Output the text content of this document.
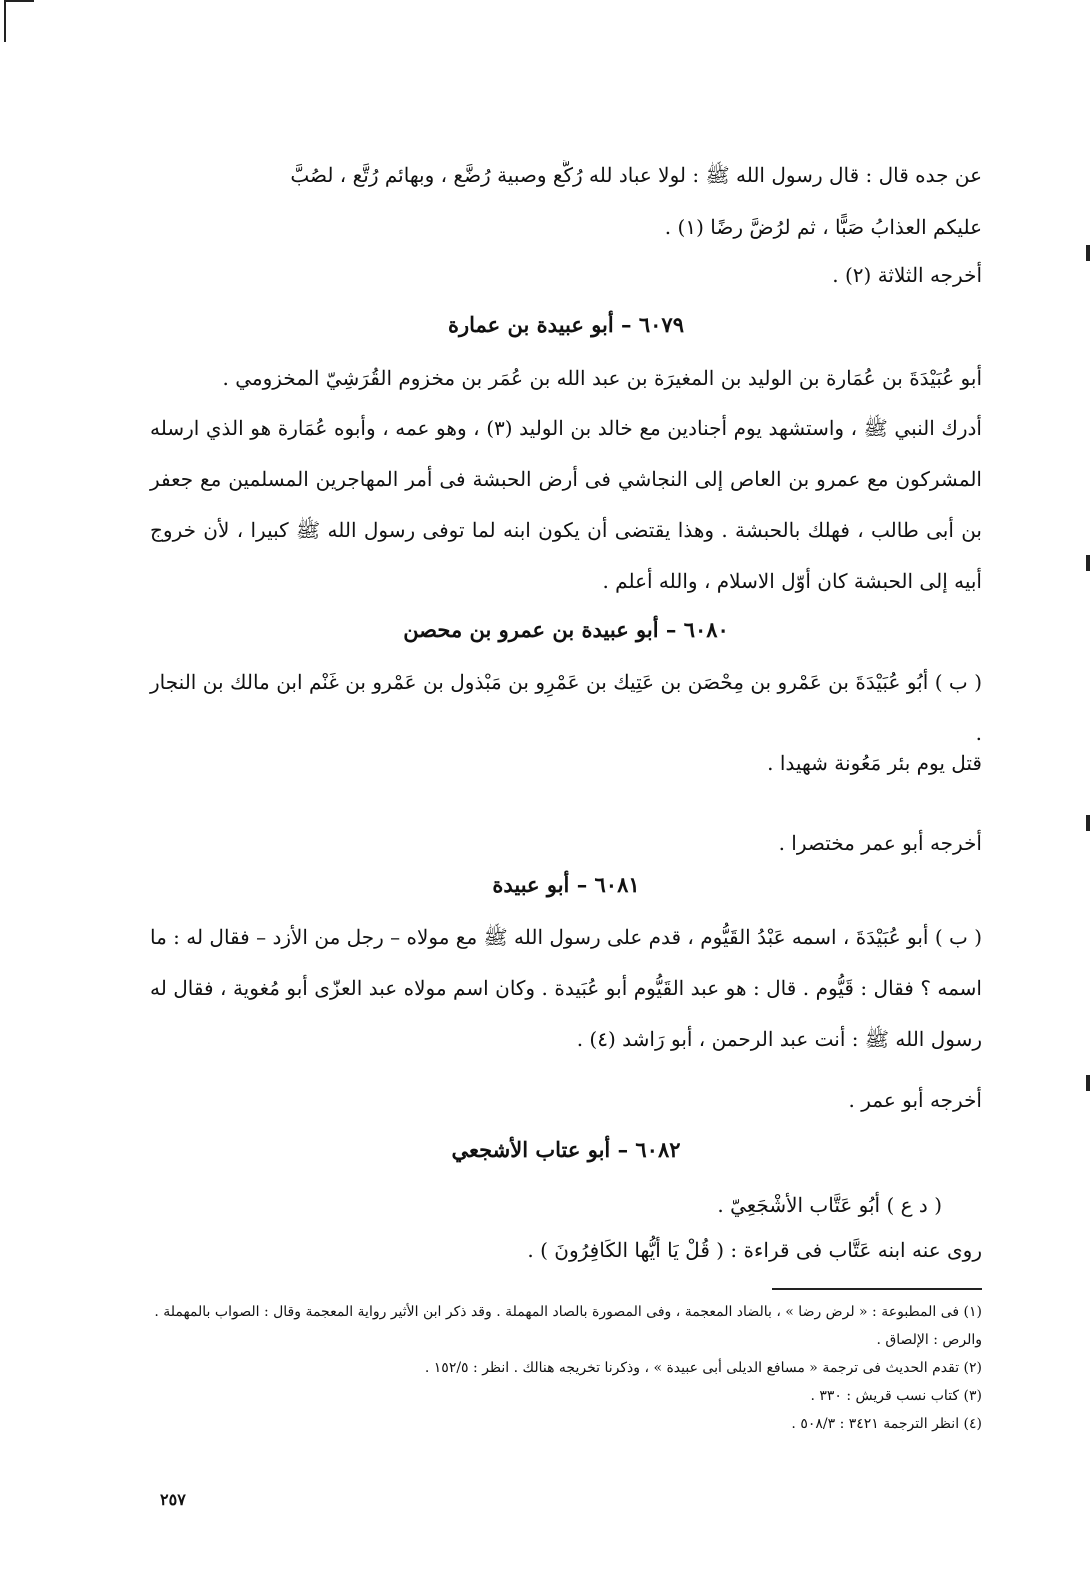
عن جده قال : قال رسول الله ﷺ : لولا عباد لله رُكَّع وصبية رُضَّع ، وبهائم رُتَّع ، لصُبَّ

عليكم العذابُ صَبًّا ، ثم لرُضَّ رضًا (١) .

أخرجه الثلاثة (٢) .

٦٠٧٩ – أبو عبيدة بن عمارة

أبو عُبَيْدَةَ بن عُمَارة بن الوليد بن المغيرَة بن عبد الله بن عُمَر بن مخزوم القُرَشِيّ المخزومي .

أدرك النبي ﷺ ، واستشهد يوم أجنادين مع خالد بن الوليد (٣) ، وهو عمه ، وأبوه عُمَارة هو الذي ارسله المشركون مع عمرو بن العاص إلى النجاشي فى أرض الحبشة فى أمر المهاجرين المسلمين مع جعفر بن أبى طالب ، فهلك بالحبشة . وهذا يقتضى أن يكون ابنه لما توفى رسول الله ﷺ كبيرا ، لأن خروج أبيه إلى الحبشة كان أوّل الاسلام ، والله أعلم .

٦٠٨٠ – أبو عبيدة بن عمرو بن محصن

( ب ) أبُو عُبَيْدَةَ بن عَمْرو بن مِحْصَن بن عَتِيك بن عَمْرِو بن مَبْذول بن عَمْرو بن غَنْم ابن مالك بن النجار .

قتل يوم بئر مَعُونة شهيدا .

أخرجه أبو عمر مختصرا .

٦٠٨١ – أبو عبيدة

( ب ) أبو عُبَيْدَةَ ، اسمه عَبْدُ القَيُّوم ، قدم على رسول الله ﷺ مع مولاه – رجل من الأزد – فقال له : ما اسمه ؟ فقال : قَيُّوم . قال : هو عبد القَيُّوم أبو عُبَيدة . وكان اسم مولاه عبد العزّى أبو مُغوية ، فقال له رسول الله ﷺ : أنت عبد الرحمن ، أبو رَاشد (٤) .

أخرجه أبو عمر .

٦٠٨٢ – أبو عتاب الأشجعي

( د ع ) أبُو عَتَّاب الأشْجَعِيّ .

روى عنه ابنه عَتَّاب فى قراءة : ( قُلْ يَا أيُّها الكَافِرُونَ ) .

(١) فى المطبوعة : « لرض رضا » ، بالضاد المعجمة ، وفى المصورة بالصاد المهملة . وقد ذكر ابن الأثير رواية المعجمة وقال : الصواب بالمهملة . والرص : الإلصاق .

(٢) تقدم الحديث فى ترجمة « مسافع الديلى أبى عبيدة » ، وذكرنا تخريجه هنالك . انظر : ١٥٢/٥ .

(٣) كتاب نسب قريش : ٣٣٠ .

(٤) انظر الترجمة ٣٤٢١ : ٥٠٨/٣ .

٢٥٧
